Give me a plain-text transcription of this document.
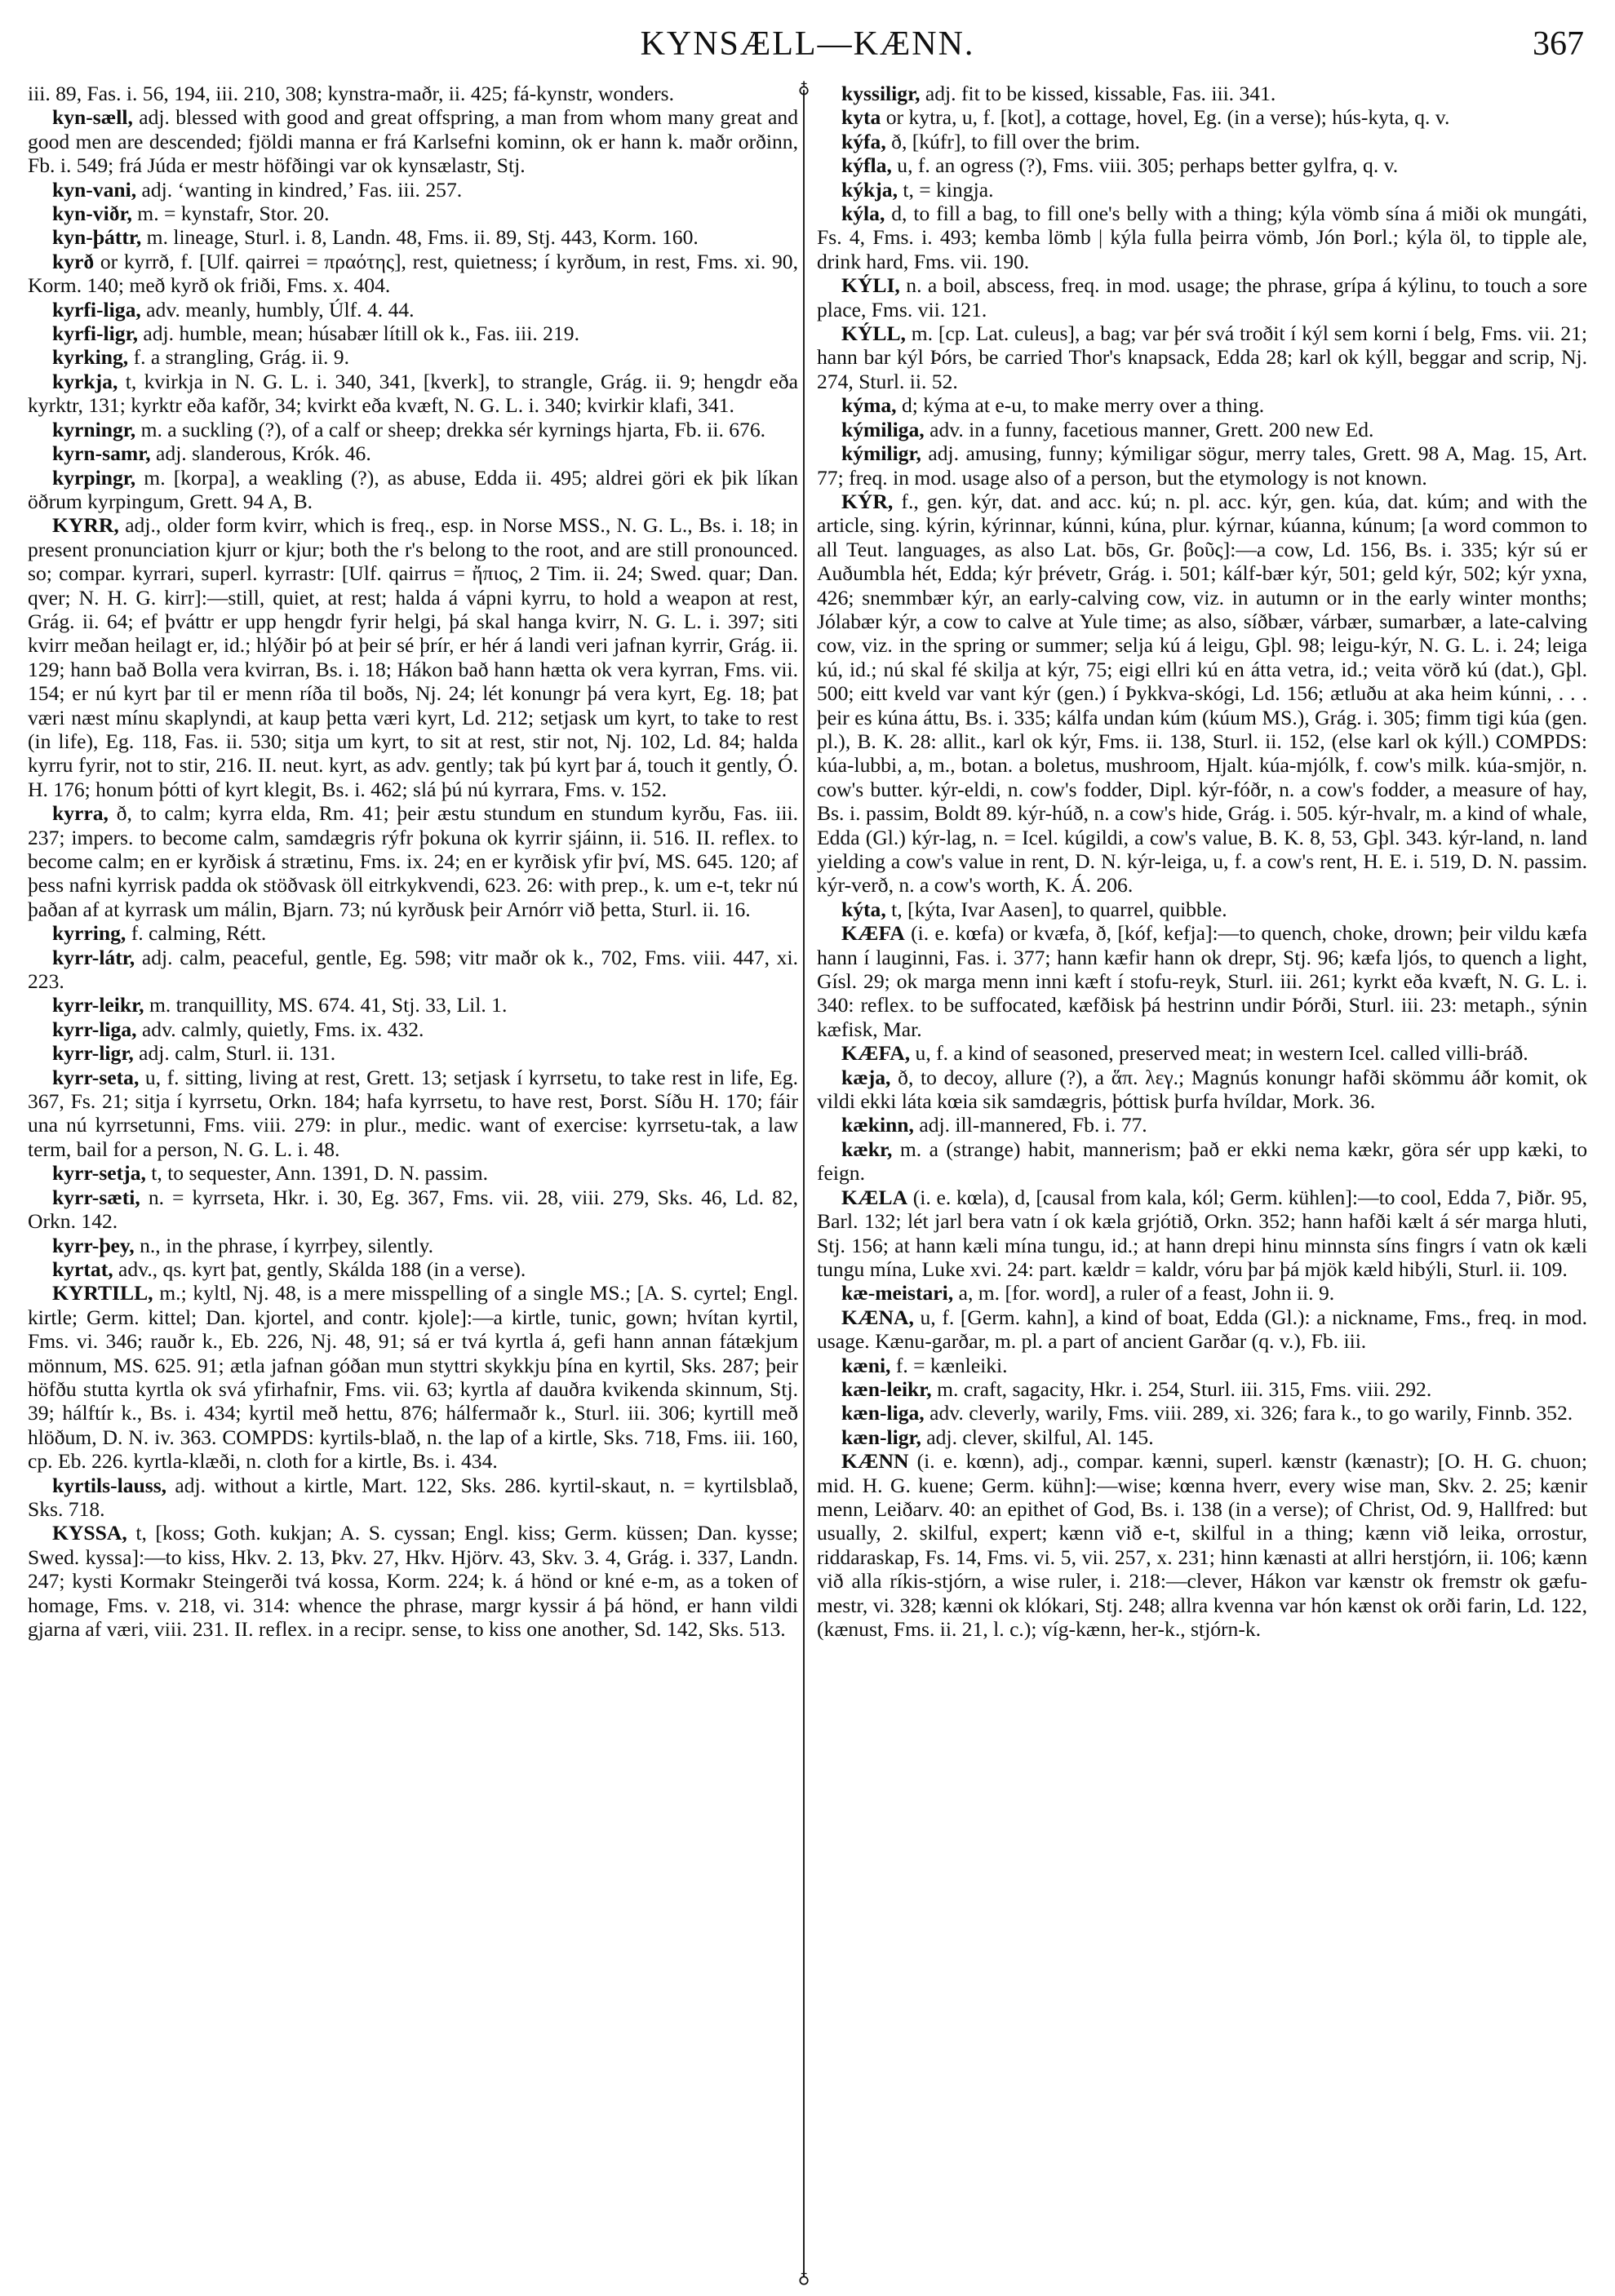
KYNSÆLL—KÆNN.	367

iii. 89, Fas. i. 56, 194, iii. 210, 308; kynstra-maðr, ii. 425; fá-kynstr, wonders.

kyn-sæll, adj. blessed with good and great offspring, a man from whom many great and good men are descended; fjöldi manna er frá Karlsefni kominn, ok er hann k. maðr orðinn, Fb. i. 549; frá Júda er mestr höfðingi var ok kynsælastr, Stj.

kyn-vani, adj. ‘wanting in kindred,’ Fas. iii. 257.

kyn-viðr, m. = kynstafr, Stor. 20.

kyn-þáttr, m. lineage, Sturl. i. 8, Landn. 48, Fms. ii. 89, Stj. 443, Korm. 160.

kyrð or kyrrð, f. [Ulf. qairrei = πραότης], rest, quietness; í kyrðum, in rest, Fms. xi. 90, Korm. 140; með kyrð ok friði, Fms. x. 404.

kyrfi-liga, adv. meanly, humbly, Úlf. 4. 44.

kyrfi-ligr, adj. humble, mean; húsabær lítill ok k., Fas. iii. 219.

kyrking, f. a strangling, Grág. ii. 9.

kyrkja, t, kvirkja in N. G. L. i. 340, 341, [kverk], to strangle, Grág. ii. 9; hengdr eða kyrktr, 131; kyrktr eða kafðr, 34; kvirkt eða kvæft, N. G. L. i. 340; kvirkir klafi, 341.

kyrningr, m. a suckling (?), of a calf or sheep; drekka sér kyrnings hjarta, Fb. ii. 676.

kyrn-samr, adj. slanderous, Krók. 46.

kyrpingr, m. [korpa], a weakling (?), as abuse, Edda ii. 495; aldrei göri ek þik líkan öðrum kyrpingum, Grett. 94 A, B.

KYRR, adj., older form kvirr, which is freq., esp. in Norse MSS., N. G. L., Bs. i. 18; in present pronunciation kjurr or kjur; both the r's belong to the root, and are still pronounced. so; compar. kyrrari, superl. kyrrastr: [Ulf. qairrus = ἤπιος, 2 Tim. ii. 24; Swed. quar; Dan. qver; N. H. G. kirr]:—still, quiet, at rest; halda á vápni kyrru, to hold a weapon at rest, Grág. ii. 64; ef þváttr er upp hengdr fyrir helgi, þá skal hanga kvirr, N. G. L. i. 397; siti kvirr meðan heilagt er, id.; hlýðir þó at þeir sé þrír, er hér á landi veri jafnan kyrrir, Grág. ii. 129; hann bað Bolla vera kvirran, Bs. i. 18; Hákon bað hann hætta ok vera kyrran, Fms. vii. 154; er nú kyrt þar til er menn ríða til boðs, Nj. 24; lét konungr þá vera kyrt, Eg. 18; þat væri næst mínu skaplyndi, at kaup þetta væri kyrt, Ld. 212; setjask um kyrt, to take to rest (in life), Eg. 118, Fas. ii. 530; sitja um kyrt, to sit at rest, stir not, Nj. 102, Ld. 84; halda kyrru fyrir, not to stir, 216. II. neut. kyrt, as adv. gently; tak þú kyrt þar á, touch it gently, Ó. H. 176; honum þótti of kyrt klegit, Bs. i. 462; slá þú nú kyrrara, Fms. v. 152.

kyrra, ð, to calm; kyrra elda, Rm. 41; þeir æstu stundum en stundum kyrðu, Fas. iii. 237; impers. to become calm, samdægris rýfr þokuna ok kyrrir sjáinn, ii. 516. II. reflex. to become calm; en er kyrðisk á strætinu, Fms. ix. 24; en er kyrðisk yfir því, MS. 645. 120; af þess nafni kyrrisk padda ok stöðvask öll eitrkykvendi, 623. 26: with prep., k. um e-t, tekr nú þaðan af at kyrrask um málin, Bjarn. 73; nú kyrðusk þeir Arnórr við þetta, Sturl. ii. 16.

kyrring, f. calming, Rétt.

kyrr-látr, adj. calm, peaceful, gentle, Eg. 598; vitr maðr ok k., 702, Fms. viii. 447, xi. 223.

kyrr-leikr, m. tranquillity, MS. 674. 41, Stj. 33, Lil. 1.

kyrr-liga, adv. calmly, quietly, Fms. ix. 432.

kyrr-ligr, adj. calm, Sturl. ii. 131.

kyrr-seta, u, f. sitting, living at rest, Grett. 13; setjask í kyrrsetu, to take rest in life, Eg. 367, Fs. 21; sitja í kyrrsetu, Orkn. 184; hafa kyrrsetu, to have rest, Þorst. Síðu H. 170; fáir una nú kyrrsetunni, Fms. viii. 279: in plur., medic. want of exercise: kyrrsetu-tak, a law term, bail for a person, N. G. L. i. 48.

kyrr-setja, t, to sequester, Ann. 1391, D. N. passim.

kyrr-sæti, n. = kyrrseta, Hkr. i. 30, Eg. 367, Fms. vii. 28, viii. 279, Sks. 46, Ld. 82, Orkn. 142.

kyrr-þey, n., in the phrase, í kyrrþey, silently.

kyrtat, adv., qs. kyrt þat, gently, Skálda 188 (in a verse).

KYRTILL, m.; kyltl, Nj. 48, is a mere misspelling of a single MS.; [A. S. cyrtel; Engl. kirtle; Germ. kittel; Dan. kjortel, and contr. kjole]:—a kirtle, tunic, gown; hvítan kyrtil, Fms. vi. 346; rauðr k., Eb. 226, Nj. 48, 91; sá er tvá kyrtla á, gefi hann annan fátækjum mönnum, MS. 625. 91; ætla jafnan góðan mun styttri skykkju þína en kyrtil, Sks. 287; þeir höfðu stutta kyrtla ok svá yfirhafnir, Fms. vii. 63; kyrtla af dauðra kvikenda skinnum, Stj. 39; hálftír k., Bs. i. 434; kyrtil með hettu, 876; hálfermaðr k., Sturl. iii. 306; kyrtill með hlöðum, D. N. iv. 363. COMPDS: kyrtils-blað, n. the lap of a kirtle, Sks. 718, Fms. iii. 160, cp. Eb. 226. kyrtla-klæði, n. cloth for a kirtle, Bs. i. 434.

kyrtils-lauss, adj. without a kirtle, Mart. 122, Sks. 286. kyrtil-skaut, n. = kyrtilsblað, Sks. 718.

KYSSA, t, [koss; Goth. kukjan; A. S. cyssan; Engl. kiss; Germ. küssen; Dan. kysse; Swed. kyssa]:—to kiss, Hkv. 2. 13, Þkv. 27, Hkv. Hjörv. 43, Skv. 3. 4, Grág. i. 337, Landn. 247; kysti Kormakr Steingerði tvá kossa, Korm. 224; k. á hönd or kné e-m, as a token of homage, Fms. v. 218, vi. 314: whence the phrase, margr kyssir á þá hönd, er hann vildi gjarna af væri, viii. 231. II. reflex. in a recipr. sense, to kiss one another, Sd. 142, Sks. 513.

♁
♁

kyssiligr, adj. fit to be kissed, kissable, Fas. iii. 341.

kyta or kytra, u, f. [kot], a cottage, hovel, Eg. (in a verse); hús-kyta, q. v.

kýfa, ð, [kúfr], to fill over the brim.

kýfla, u, f. an ogress (?), Fms. viii. 305; perhaps better gylfra, q. v.

kýkja, t, = kingja.

kýla, d, to fill a bag, to fill one's belly with a thing; kýla vömb sína á miði ok mungáti, Fs. 4, Fms. i. 493; kemba lömb | kýla fulla þeirra vömb, Jón Þorl.; kýla öl, to tipple ale, drink hard, Fms. vii. 190.

KÝLI, n. a boil, abscess, freq. in mod. usage; the phrase, grípa á kýlinu, to touch a sore place, Fms. vii. 121.

KÝLL, m. [cp. Lat. culeus], a bag; var þér svá troðit í kýl sem korni í belg, Fms. vii. 21; hann bar kýl Þórs, be carried Thor's knapsack, Edda 28; karl ok kýll, beggar and scrip, Nj. 274, Sturl. ii. 52.

kýma, d; kýma at e-u, to make merry over a thing.

kýmiliga, adv. in a funny, facetious manner, Grett. 200 new Ed.

kýmiligr, adj. amusing, funny; kýmiligar sögur, merry tales, Grett. 98 A, Mag. 15, Art. 77; freq. in mod. usage also of a person, but the etymology is not known.

KÝR, f., gen. kýr, dat. and acc. kú; n. pl. acc. kýr, gen. kúa, dat. kúm; and with the article, sing. kýrin, kýrinnar, kúnni, kúna, plur. kýrnar, kúanna, kúnum; [a word common to all Teut. languages, as also Lat. bōs, Gr. βοῦς]:—a cow, Ld. 156, Bs. i. 335; kýr sú er Auðumbla hét, Edda; kýr þrévetr, Grág. i. 501; kálf-bær kýr, 501; geld kýr, 502; kýr yxna, 426; snemmbær kýr, an early-calving cow, viz. in autumn or in the early winter months; Jólabær kýr, a cow to calve at Yule time; as also, síðbær, várbær, sumarbær, a late-calving cow, viz. in the spring or summer; selja kú á leigu, Gþl. 98; leigu-kýr, N. G. L. i. 24; leiga kú, id.; nú skal fé skilja at kýr, 75; eigi ellri kú en átta vetra, id.; veita vörð kú (dat.), Gþl. 500; eitt kveld var vant kýr (gen.) í Þykkva-skógi, Ld. 156; ætluðu at aka heim kúnni, . . . þeir es kúna áttu, Bs. i. 335; kálfa undan kúm (kúum MS.), Grág. i. 305; fimm tigi kúa (gen. pl.), B. K. 28: allit., karl ok kýr, Fms. ii. 138, Sturl. ii. 152, (else karl ok kýll.) COMPDS: kúa-lubbi, a, m., botan. a boletus, mushroom, Hjalt. kúa-mjólk, f. cow's milk. kúa-smjör, n. cow's butter. kýr-eldi, n. cow's fodder, Dipl. kýr-fóðr, n. a cow's fodder, a measure of hay, Bs. i. passim, Boldt 89. kýr-húð, n. a cow's hide, Grág. i. 505. kýr-hvalr, m. a kind of whale, Edda (Gl.) kýr-lag, n. = Icel. kúgildi, a cow's value, B. K. 8, 53, Gþl. 343. kýr-land, n. land yielding a cow's value in rent, D. N. kýr-leiga, u, f. a cow's rent, H. E. i. 519, D. N. passim. kýr-verð, n. a cow's worth, K. Á. 206.

kýta, t, [kýta, Ivar Aasen], to quarrel, quibble.

KÆFA (i. e. kœfa) or kvæfa, ð, [kóf, kefja]:—to quench, choke, drown; þeir vildu kæfa hann í lauginni, Fas. i. 377; hann kæfir hann ok drepr, Stj. 96; kæfa ljós, to quench a light, Gísl. 29; ok marga menn inni kæft í stofu-reyk, Sturl. iii. 261; kyrkt eða kvæft, N. G. L. i. 340: reflex. to be suffocated, kæfðisk þá hestrinn undir Þórði, Sturl. iii. 23: metaph., sýnin kæfisk, Mar.

KÆFA, u, f. a kind of seasoned, preserved meat; in western Icel. called villi-bráð.

kæja, ð, to decoy, allure (?), a ἅπ. λεγ.; Magnús konungr hafði skömmu áðr komit, ok vildi ekki láta kœia sik samdægris, þóttisk þurfa hvíldar, Mork. 36.

kækinn, adj. ill-mannered, Fb. i. 77.

kækr, m. a (strange) habit, mannerism; það er ekki nema kækr, göra sér upp kæki, to feign.

KÆLA (i. e. kœla), d, [causal from kala, kól; Germ. kühlen]:—to cool, Edda 7, Þiðr. 95, Barl. 132; lét jarl bera vatn í ok kæla grjótið, Orkn. 352; hann hafði kælt á sér marga hluti, Stj. 156; at hann kæli mína tungu, id.; at hann drepi hinu minnsta síns fingrs í vatn ok kæli tungu mína, Luke xvi. 24: part. kældr = kaldr, vóru þar þá mjök kæld hibýli, Sturl. ii. 109.

kæ-meistari, a, m. [for. word], a ruler of a feast, John ii. 9.

KÆNA, u, f. [Germ. kahn], a kind of boat, Edda (Gl.): a nickname, Fms., freq. in mod. usage. Kænu-garðar, m. pl. a part of ancient Garðar (q. v.), Fb. iii.

kæni, f. = kænleiki.

kæn-leikr, m. craft, sagacity, Hkr. i. 254, Sturl. iii. 315, Fms. viii. 292.

kæn-liga, adv. cleverly, warily, Fms. viii. 289, xi. 326; fara k., to go warily, Finnb. 352.

kæn-ligr, adj. clever, skilful, Al. 145.

KÆNN (i. e. kœnn), adj., compar. kænni, superl. kænstr (kænastr); [O. H. G. chuon; mid. H. G. kuene; Germ. kühn]:—wise; kœnna hverr, every wise man, Skv. 2. 25; kænir menn, Leiðarv. 40: an epithet of God, Bs. i. 138 (in a verse); of Christ, Od. 9, Hallfred: but usually, 2. skilful, expert; kænn við e-t, skilful in a thing; kænn við leika, orrostur, riddaraskap, Fs. 14, Fms. vi. 5, vii. 257, x. 231; hinn kænasti at allri herstjórn, ii. 106; kænn við alla ríkis-stjórn, a wise ruler, i. 218:—clever, Hákon var kænstr ok fremstr ok gæfu-mestr, vi. 328; kænni ok klókari, Stj. 248; allra kvenna var hón kænst ok orði farin, Ld. 122, (kænust, Fms. ii. 21, l. c.); víg-kænn, her-k., stjórn-k.
